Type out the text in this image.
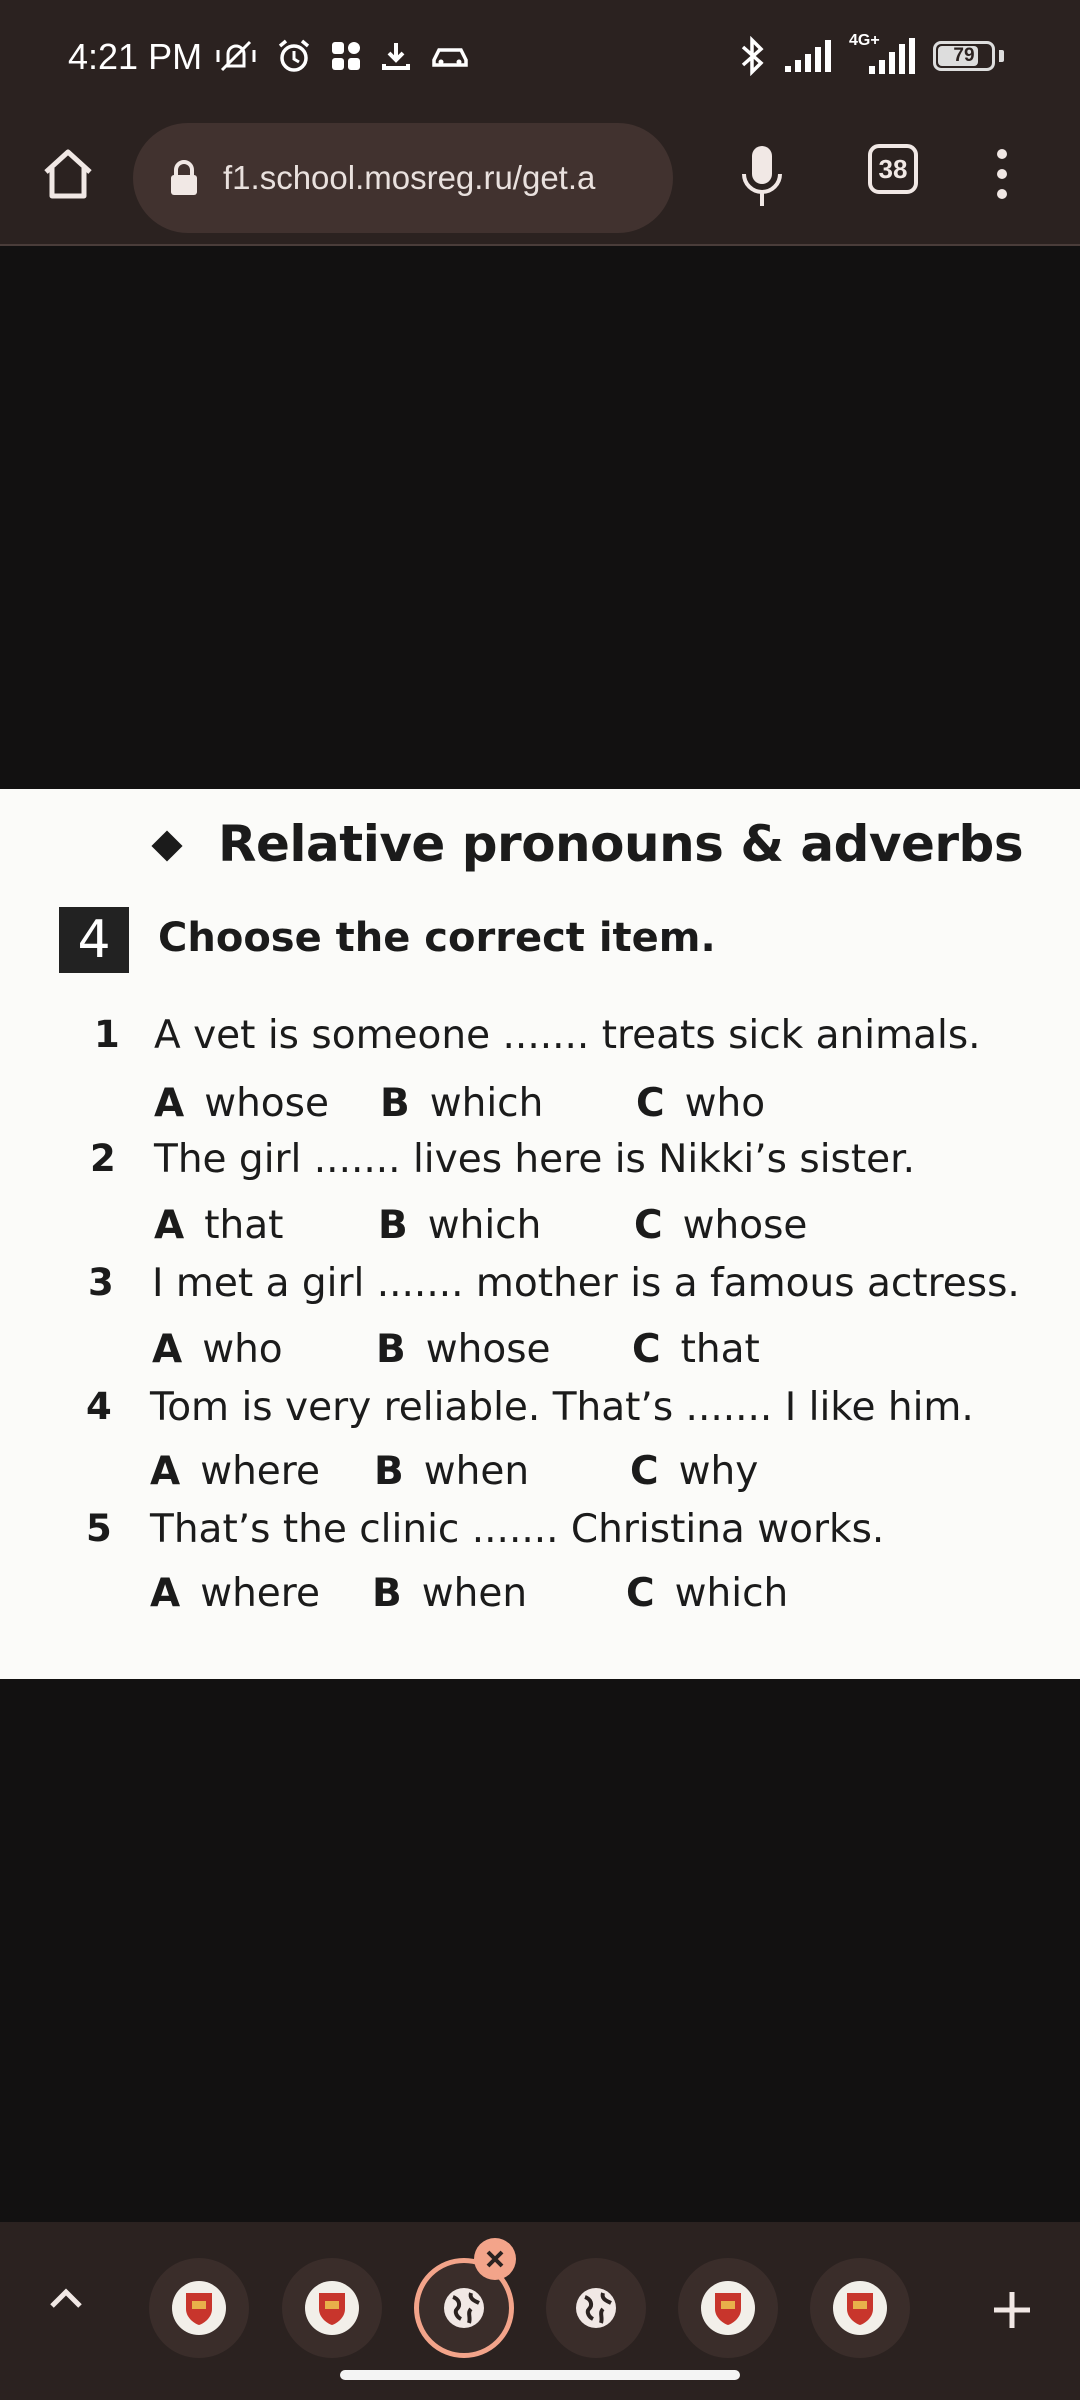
4:21 PM	4G+
79
f1.school.mosreg.ru/get.a	38
Relative pronouns & adverbs
4	Choose the correct item.
1 A vet is someone ....... treats sick animals.
A whose B which C who
2 The girl ....... lives here is Nikki’s sister.
A that B which C whose
3 I met a girl ....... mother is a famous actress.
A who B whose C that
4 Tom is very reliable. That’s ....... I like him.
A where B when	C why
5 That’s the clinic ....... Christina works.
A where B when	C which
